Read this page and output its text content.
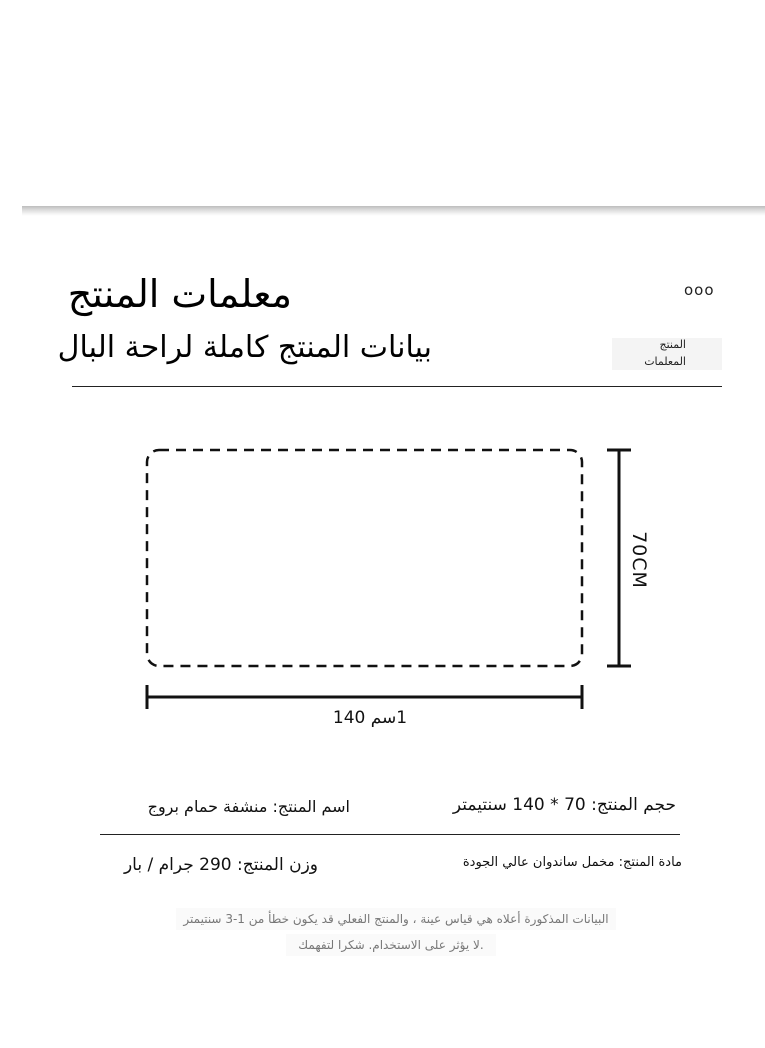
معلمات المنتج
بيانات المنتج كاملة لراحة البال
ooo
المنتج
المعلمات
1سم 140
70CM
حجم المنتج: 70 * 140 سنتيمتر
اسم المنتج: منشفة حمام بروج
وزن المنتج: 290 جرام / بار	مادة المنتج: مخمل ساندوان عالي الجودة
البيانات المذكورة أعلاه هي قياس عينة ، والمنتج الفعلي قد يكون خطأ من 1-3 سنتيمتر
.لا يؤثر على الاستخدام. شكرا لتفهمك
